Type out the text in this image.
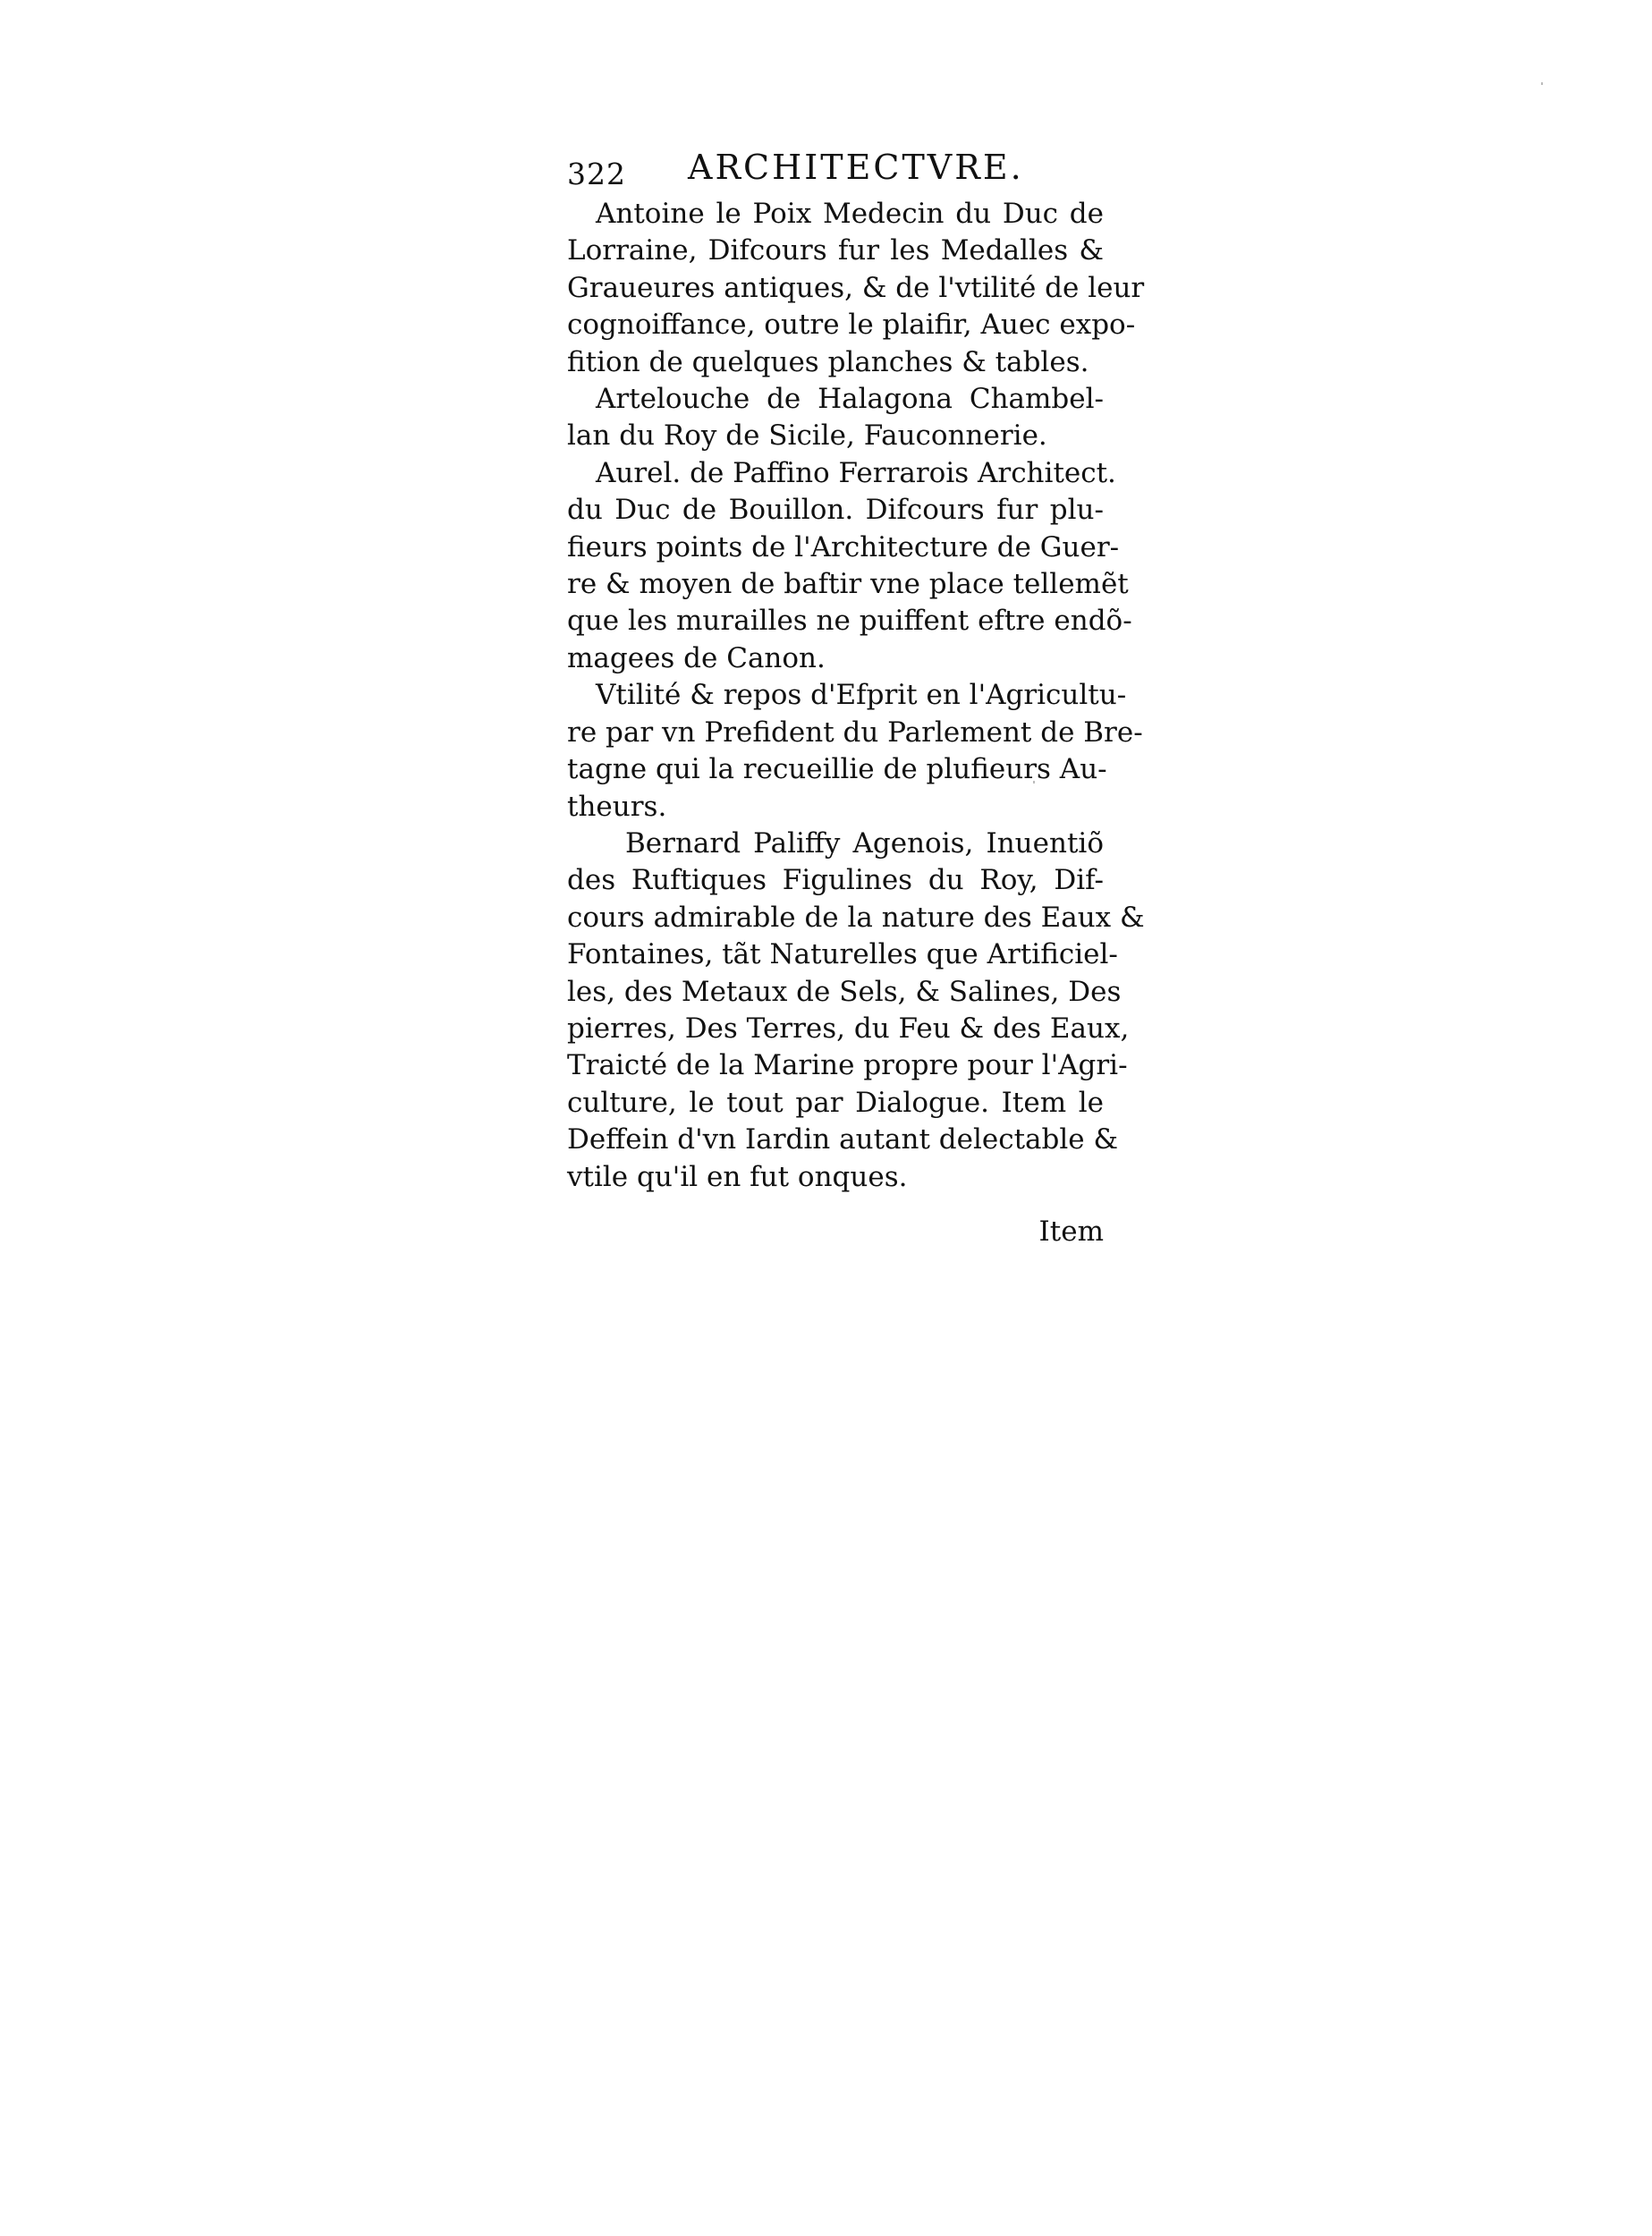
322 ARCHITECTVRE.

Antoine le Poix Medecin du Duc de
Lorraine, Difcours fur les Medalles &
Graueures antiques, & de l'vtilité de leur
cognoiffance, outre le plaifir, Auec expo-
fition de quelques planches & tables.

Artelouche de Halagona Chambel-
lan du Roy de Sicile, Fauconnerie.

Aurel. de Paffino Ferrarois Architect.
du Duc de Bouillon. Difcours fur plu-
fieurs points de l'Architecture de Guer-
re & moyen de baftir vne place tellemẽt
que les murailles ne puiffent eftre endõ-
magees de Canon.

Vtilité & repos d'Efprit en l'Agricultu-
re par vn Prefident du Parlement de Bre-
tagne qui la recueillie de plufieurs Au-
theurs.

Bernard Paliffy Agenois, Inuentiõ
des Ruftiques Figulines du Roy, Dif-
cours admirable de la nature des Eaux &
Fontaines, tãt Naturelles que Artificiel-
les, des Metaux de Sels, & Salines, Des
pierres, Des Terres, du Feu & des Eaux,
Traicté de la Marine propre pour l'Agri-
culture, le tout par Dialogue. Item le
Deffein d'vn Iardin autant delectable &
vtile qu'il en fut onques.

Item
